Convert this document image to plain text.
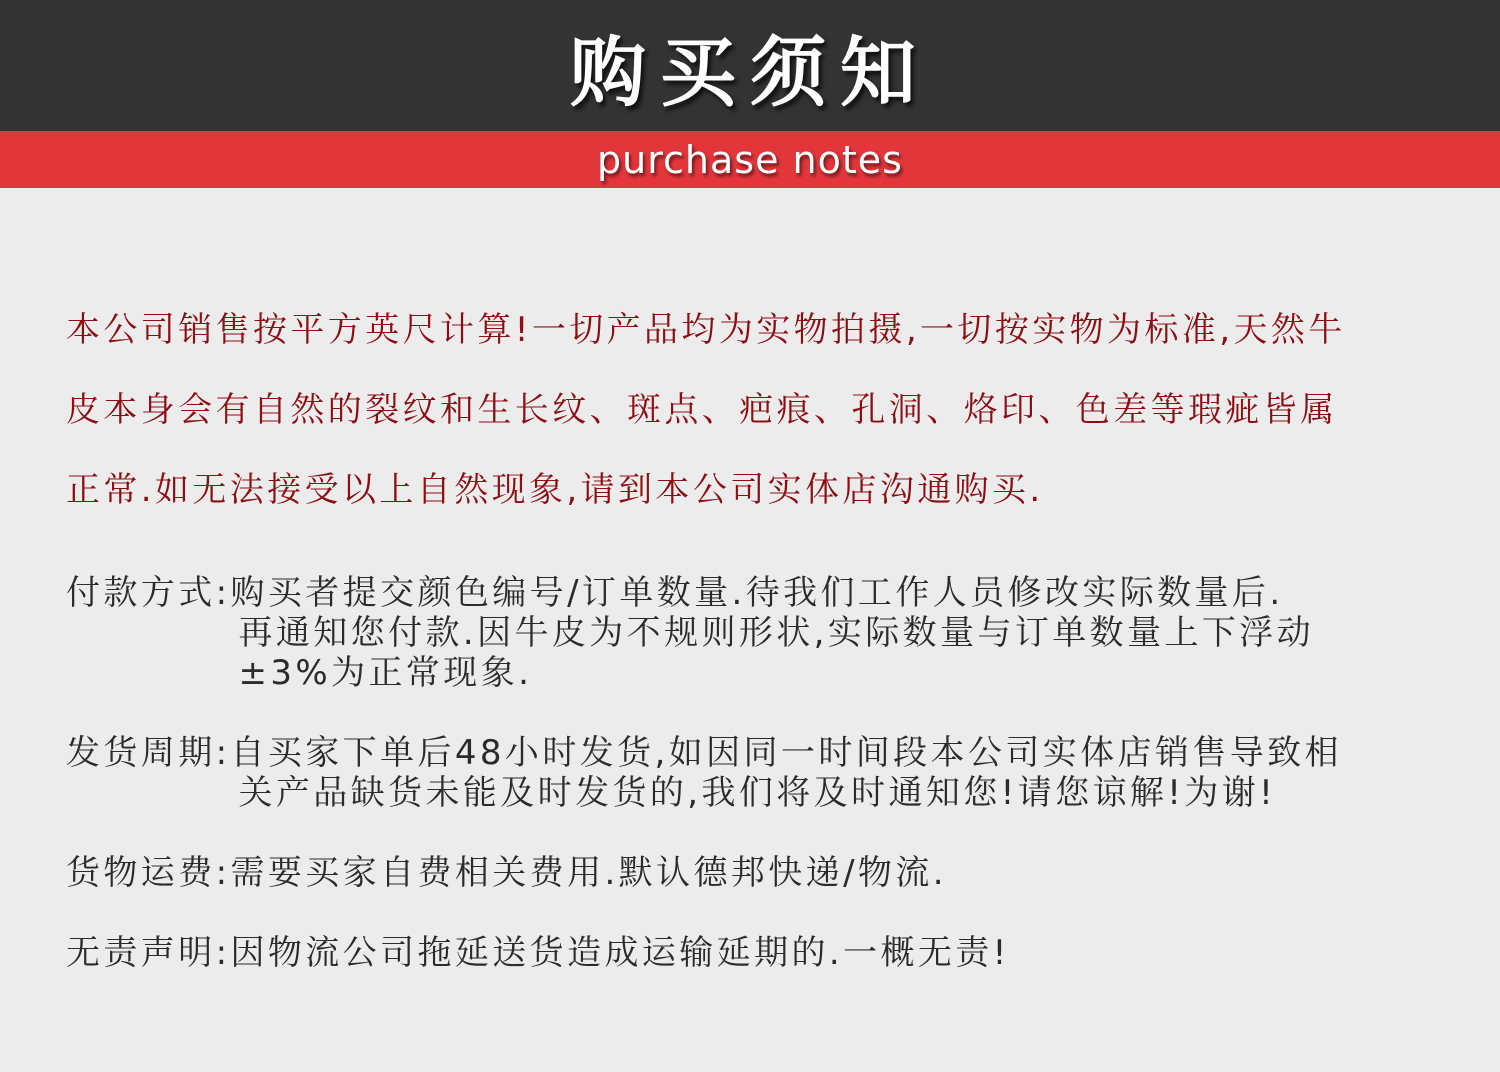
购买须知
purchase notes

本公司销售按平方英尺计算!一切产品均为实物拍摄,一切按实物为标准,天然牛

皮本身会有自然的裂纹和生长纹、斑点、疤痕、孔洞、烙印、色差等瑕疵皆属

正常.如无法接受以上自然现象,请到本公司实体店沟通购买.

付款方式: 购买者提交颜色编号/订单数量.待我们工作人员修改实际数量后.

再通知您付款.因牛皮为不规则形状,实际数量与订单数量上下浮动

±3%为正常现象.

发货周期: 自买家下单后48小时发货,如因同一时间段本公司实体店销售导致相

关产品缺货未能及时发货的,我们将及时通知您!请您谅解!为谢!

货物运费: 需要买家自费相关费用.默认德邦快递/物流.

无责声明: 因物流公司拖延送货造成运输延期的.一概无责!
